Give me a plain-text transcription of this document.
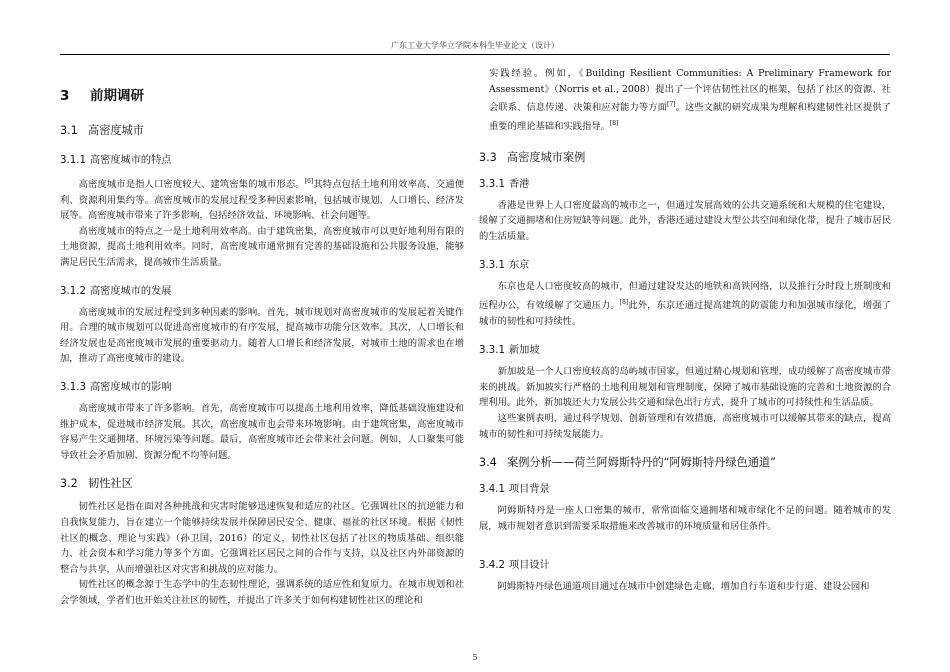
广东工业大学华立学院本科生毕业论文（设计）
3 前期调研
3.1 高密度城市
3.1.1 高密度城市的特点

高密度城市是指人口密度较大、建筑密集的城市形态。[6]其特点包括土地利用效率高、交通便利、资源利用集约等。高密度城市的发展过程受多种因素影响，包括城市规划、人口增长、经济发展等。高密度城市带来了许多影响，包括经济效益、环境影响、社会问题等。

高密度城市的特点之一是土地利用效率高。由于建筑密集，高密度城市可以更好地利用有限的土地资源，提高土地利用效率。同时，高密度城市通常拥有完善的基础设施和公共服务设施，能够满足居民生活需求，提高城市生活质量。

3.1.2 高密度城市的发展

高密度城市的发展过程受到多种因素的影响。首先，城市规划对高密度城市的发展起着关键作用。合理的城市规划可以促进高密度城市的有序发展，提高城市功能分区效率。其次，人口增长和经济发展也是高密度城市发展的重要驱动力。随着人口增长和经济发展，对城市土地的需求也在增加，推动了高密度城市的建设。

3.1.3 高密度城市的影响

高密度城市带来了许多影响。首先，高密度城市可以提高土地利用效率，降低基础设施建设和维护成本，促进城市经济发展。其次，高密度城市也会带来环境影响。由于建筑密集，高密度城市容易产生交通拥堵、环境污染等问题。最后，高密度城市还会带来社会问题。例如，人口聚集可能导致社会矛盾加剧、资源分配不均等问题。

3.2 韧性社区

韧性社区是指在面对各种挑战和灾害时能够迅速恢复和适应的社区。它强调社区的抗逆能力和自我恢复能力，旨在建立一个能够持续发展并保障居民安全、健康、福祉的社区环境。根据《韧性社区的概念、理论与实践》（孙卫国，2016）的定义，韧性社区包括了社区的物质基础、组织能力、社会资本和学习能力等多个方面。它强调社区居民之间的合作与支持，以及社区内外部资源的整合与共享，从而增强社区对灾害和挑战的应对能力。

韧性社区的概念源于生态学中的生态韧性理论，强调系统的适应性和复原力。在城市规划和社会学领域，学者们也开始关注社区的韧性，并提出了许多关于如何构建韧性社区的理论和

实践经验。例如，《Building Resilient Communities: A Preliminary Framework for Assessment》（Norris et al., 2008）提出了一个评估韧性社区的框架，包括了社区的资源、社会联系、信息传递、决策和应对能力等方面[7]。这些文献的研究成果为理解和构建韧性社区提供了重要的理论基础和实践指导。[8]

3.3 高密度城市案例
3.3.1 香港

香港是世界上人口密度最高的城市之一，但通过发展高效的公共交通系统和大规模的住宅建设，缓解了交通拥堵和住房短缺等问题。此外，香港还通过建设大型公共空间和绿化带，提升了城市居民的生活质量。

3.3.1 东京

东京也是人口密度较高的城市，但通过建设发达的地铁和高铁网络，以及推行分时段上班制度和远程办公，有效缓解了交通压力。[8]此外，东京还通过提高建筑的防震能力和加强城市绿化，增强了城市的韧性和可持续性。

3.3.1 新加坡

新加坡是一个人口密度较高的岛屿城市国家，但通过精心规划和管理，成功缓解了高密度城市带来的挑战。新加坡实行严格的土地利用规划和管理制度，保障了城市基础设施的完善和土地资源的合理利用。此外，新加坡还大力发展公共交通和绿色出行方式，提升了城市的可持续性和生活品质。

这些案例表明，通过科学规划、创新管理和有效措施，高密度城市可以缓解其带来的缺点，提高城市的韧性和可持续发展能力。

3.4 案例分析——荷兰阿姆斯特丹的“阿姆斯特丹绿色通道”
3.4.1 项目背景

阿姆斯特丹是一座人口密集的城市，常常面临交通拥堵和城市绿化不足的问题。随着城市的发展，城市规划者意识到需要采取措施来改善城市的环境质量和居住条件。

3.4.2 项目设计

阿姆斯特丹绿色通道项目通过在城市中创建绿色走廊、增加自行车道和步行道、建设公园和

5
